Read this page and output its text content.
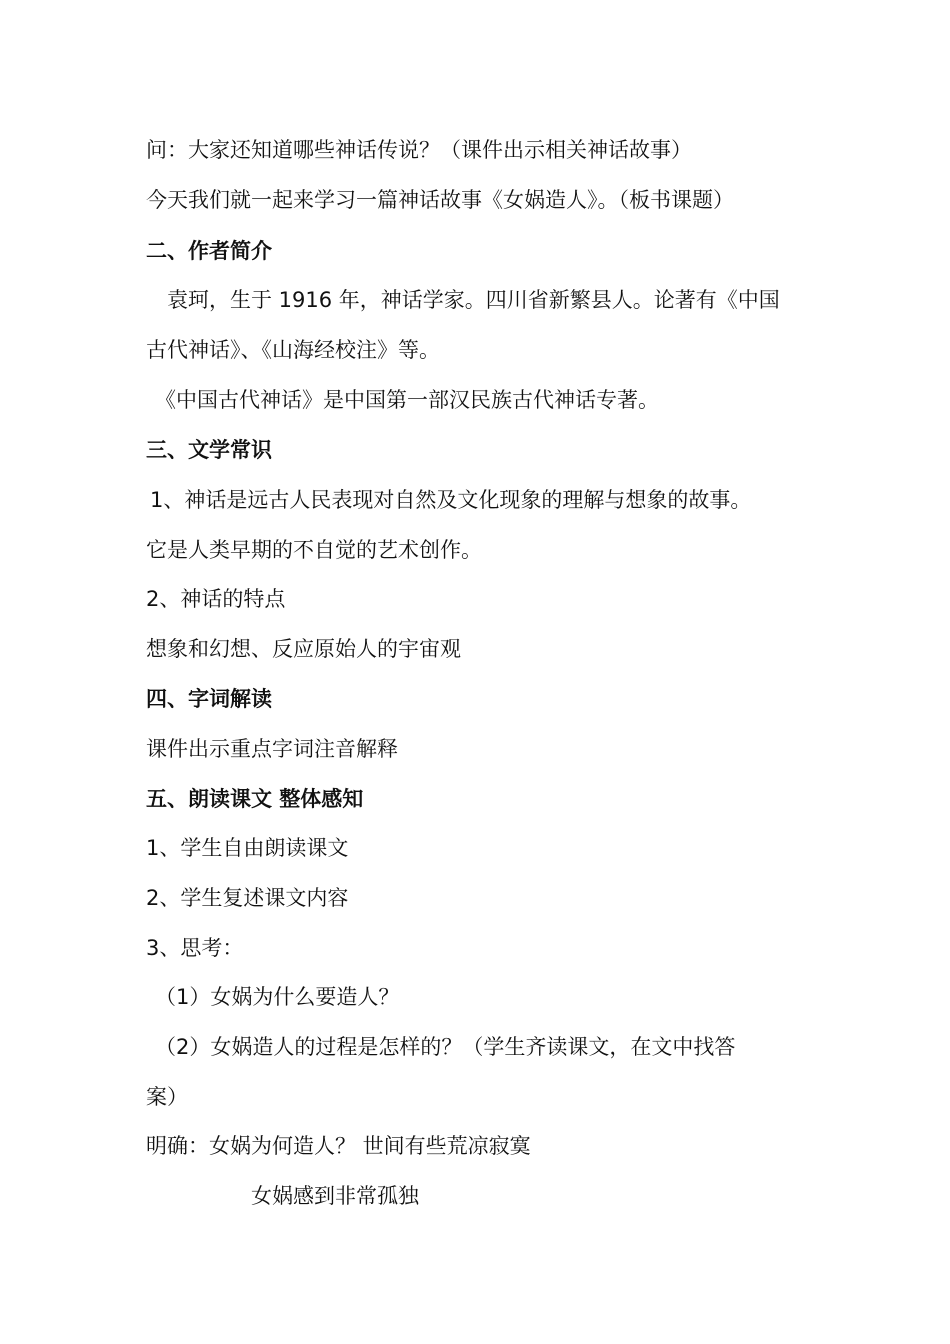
问：大家还知道哪些神话传说？（课件出示相关神话故事）
今天我们就一起来学习一篇神话故事《女娲造人》。（板书课题）
二、作者简介
袁珂，生于 1916 年，神话学家。四川省新繁县人。论著有《中国
古代神话》、《山海经校注》等。
《中国古代神话》是中国第一部汉民族古代神话专著。
三、文学常识
1、神话是远古人民表现对自然及文化现象的理解与想象的故事。
它是人类早期的不自觉的艺术创作。
2、神话的特点
想象和幻想、反应原始人的宇宙观
四、字词解读
课件出示重点字词注音解释
五、朗读课文 整体感知
1、学生自由朗读课文
2、学生复述课文内容
3、思考：
（1）女娲为什么要造人？
（2）女娲造人的过程是怎样的？（学生齐读课文，在文中找答
案）
明确：女娲为何造人？ 世间有些荒凉寂寞
女娲感到非常孤独
